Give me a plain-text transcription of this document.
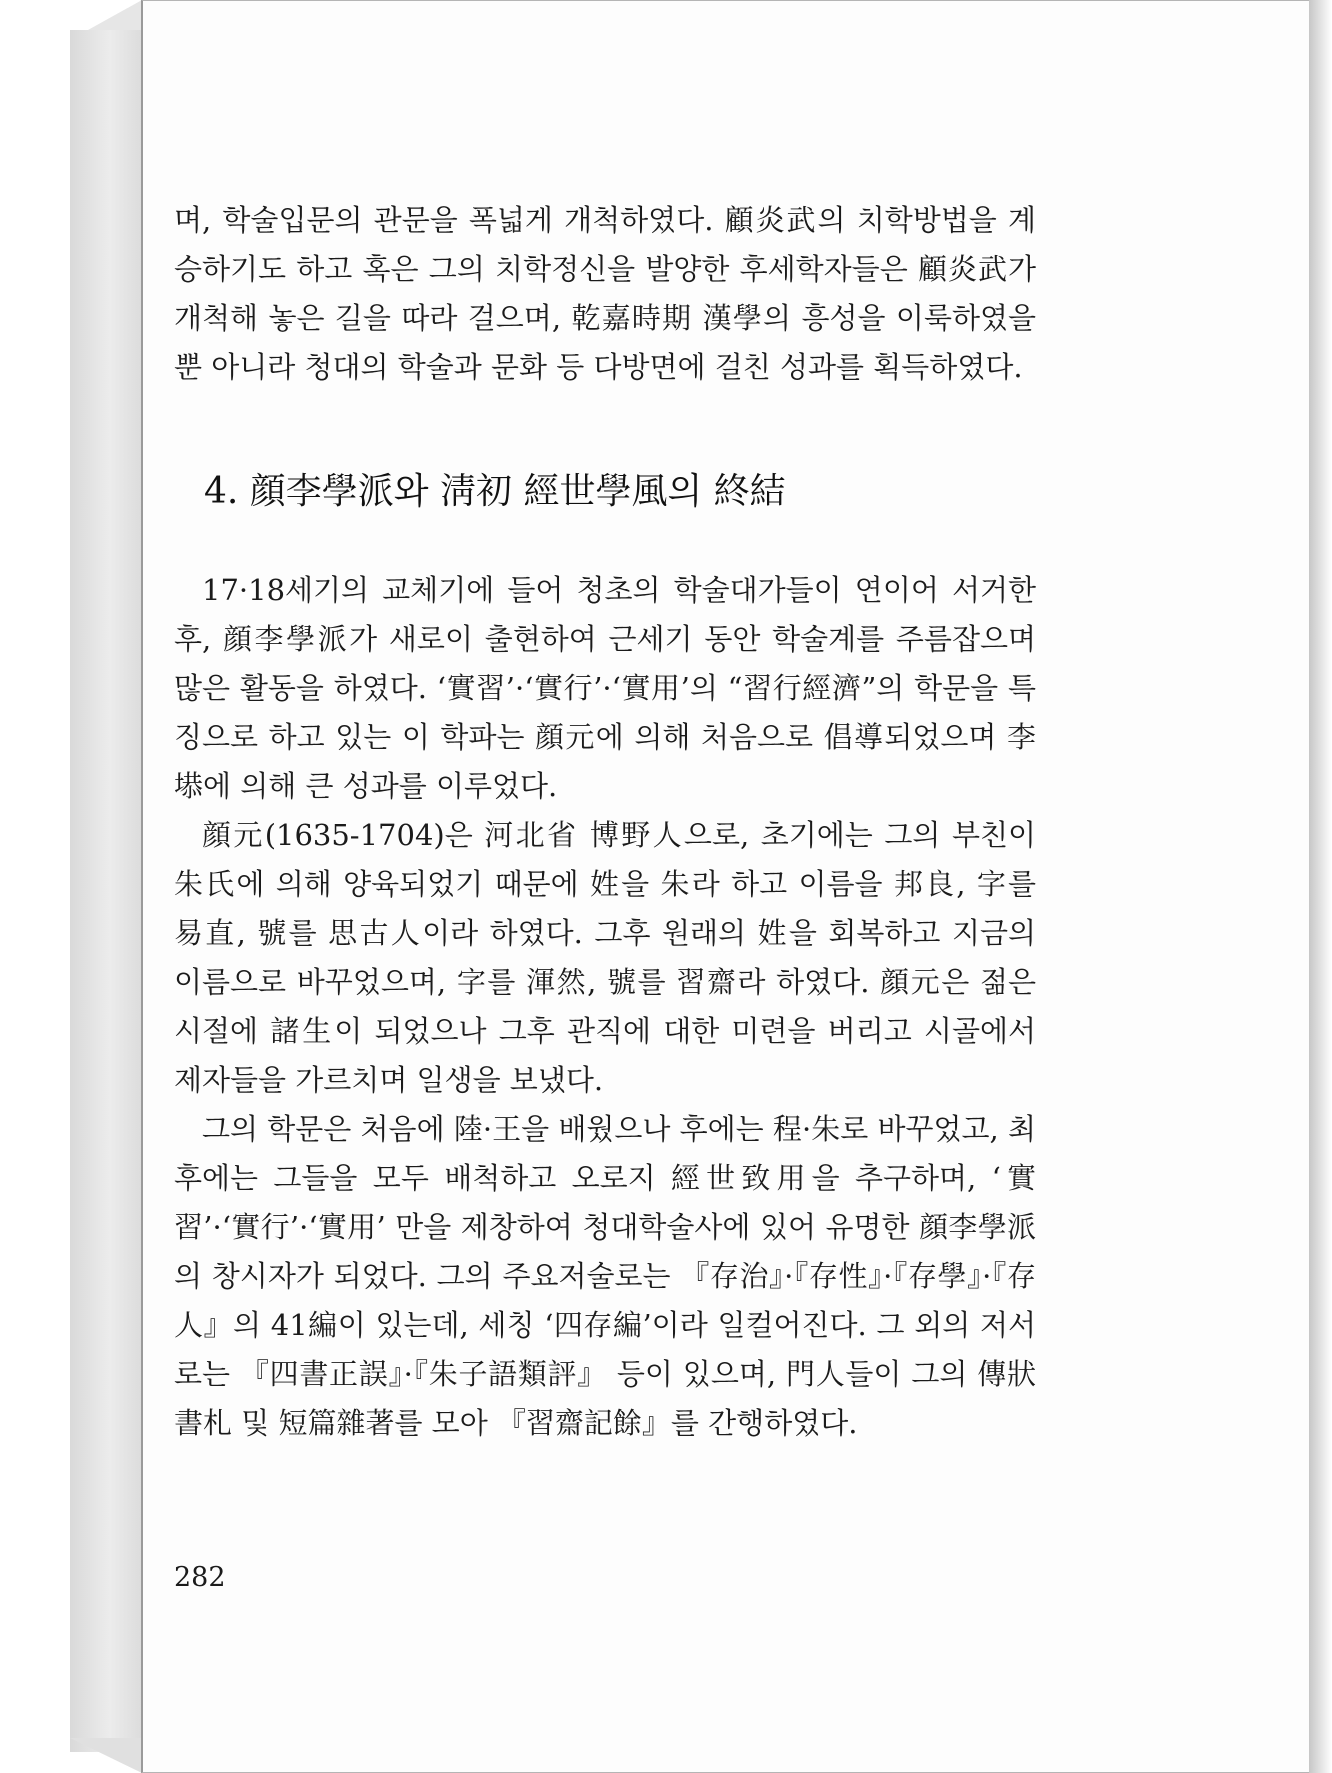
며, 학술입문의 관문을 폭넓게 개척하였다. 顧炎武의 치학방법을 계승하기도 하고 혹은 그의 치학정신을 발양한 후세학자들은 顧炎武가 개척해 놓은 길을 따라 걸으며, 乾嘉時期 漢學의 흥성을 이룩하였을 뿐 아니라 청대의 학술과 문화 등 다방면에 걸친 성과를 획득하였다.

4. 顔李學派와 淸初 經世學風의 終結

17·18세기의 교체기에 들어 청초의 학술대가들이 연이어 서거한 후, 顔李學派가 새로이 출현하여 근세기 동안 학술계를 주름잡으며 많은 활동을 하였다. ‘實習’·‘實行’·‘實用’의 “習行經濟”의 학문을 특징으로 하고 있는 이 학파는 顔元에 의해 처음으로 倡導되었으며 李塨에 의해 큰 성과를 이루었다.

顔元(1635-1704)은 河北省 博野人으로, 초기에는 그의 부친이 朱氏에 의해 양육되었기 때문에 姓을 朱라 하고 이름을 邦良, 字를 易直, 號를 思古人이라 하였다. 그후 원래의 姓을 회복하고 지금의 이름으로 바꾸었으며, 字를 渾然, 號를 習齋라 하였다. 顔元은 젊은 시절에 諸生이 되었으나 그후 관직에 대한 미련을 버리고 시골에서 제자들을 가르치며 일생을 보냈다.

그의 학문은 처음에 陸·王을 배웠으나 후에는 程·朱로 바꾸었고, 최후에는 그들을 모두 배척하고 오로지 經世致用을 추구하며, ‘實習’·‘實行’·‘實用’ 만을 제창하여 청대학술사에 있어 유명한 顔李學派의 창시자가 되었다. 그의 주요저술로는 『存治』·『存性』·『存學』·『存人』의 41編이 있는데, 세칭 ‘四存編’이라 일컬어진다. 그 외의 저서로는 『四書正誤』·『朱子語類評』 등이 있으며, 門人들이 그의 傳狀書札 및 短篇雜著를 모아 『習齋記餘』를 간행하였다.

282
